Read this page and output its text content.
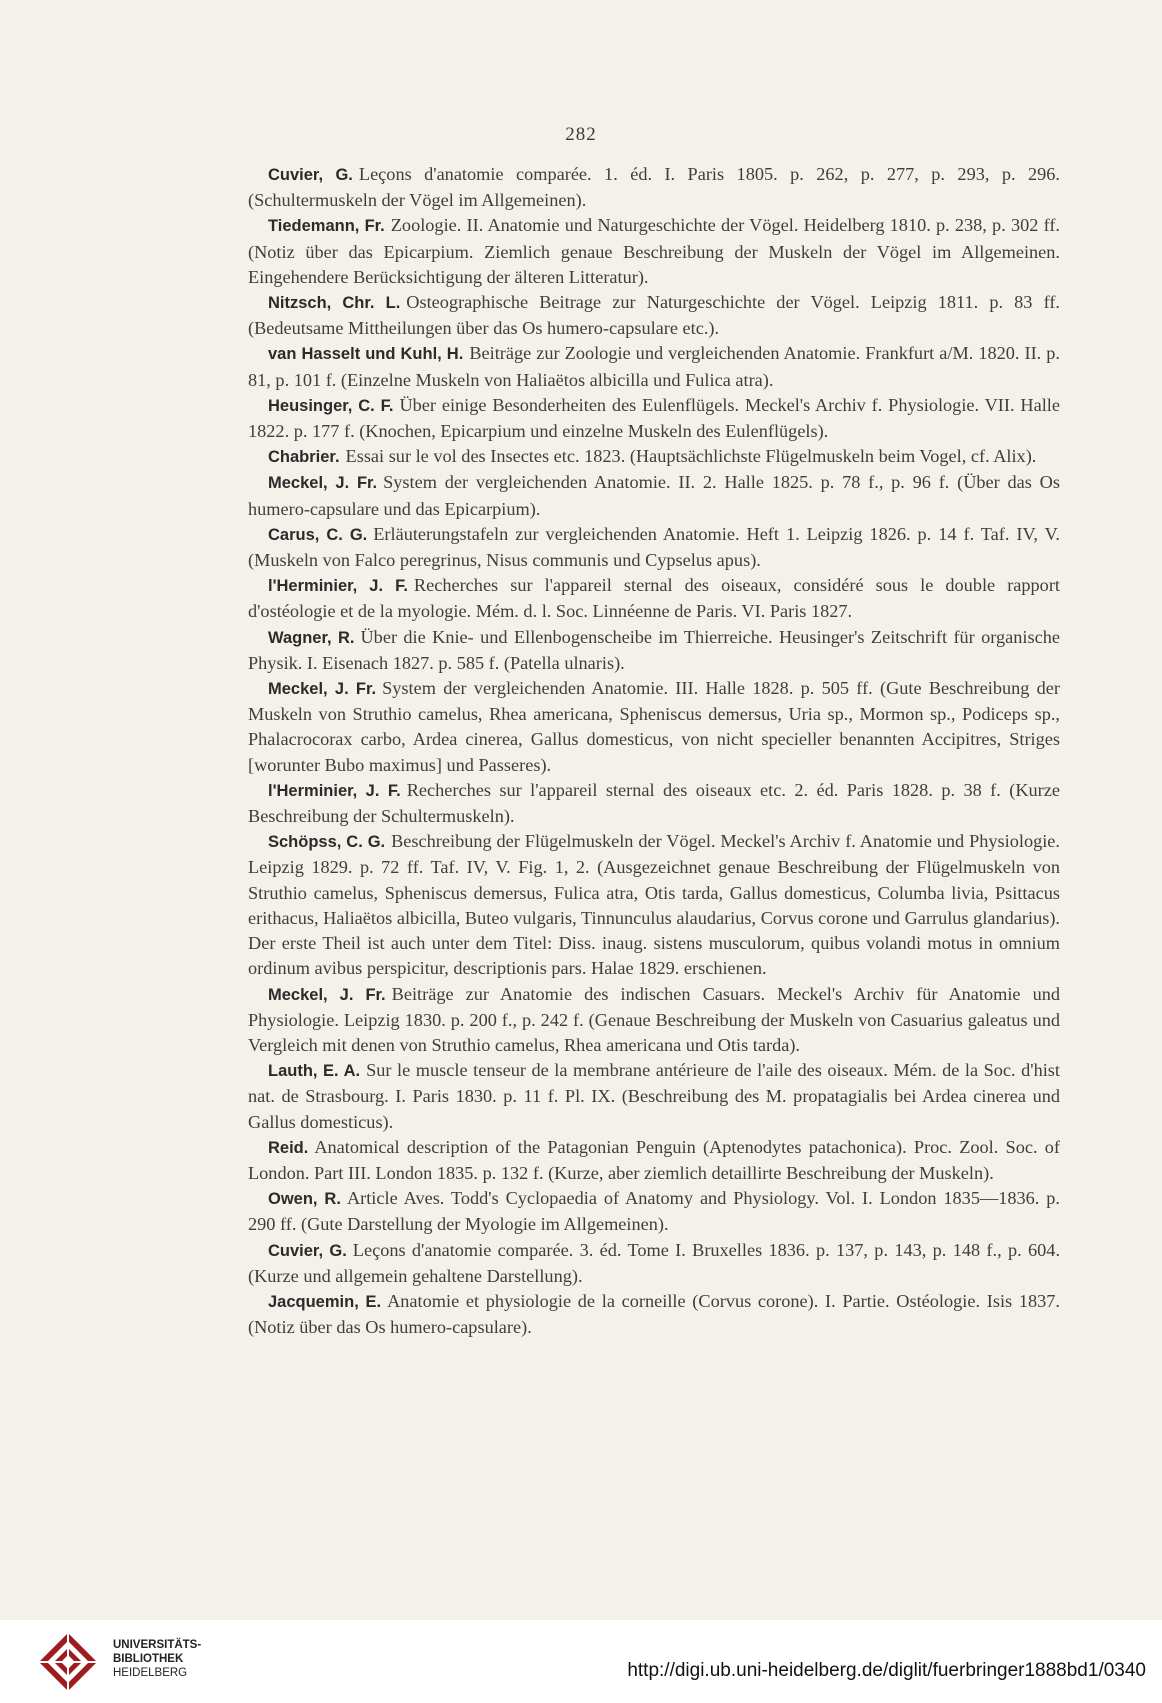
282

Cuvier, G. Leçons d'anatomie comparée. 1. éd. I. Paris 1805. p. 262, p. 277, p. 293, p. 296. (Schultermuskeln der Vögel im Allgemeinen).

Tiedemann, Fr. Zoologie. II. Anatomie und Naturgeschichte der Vögel. Heidelberg 1810. p. 238, p. 302 ff. (Notiz über das Epicarpium. Ziemlich genaue Beschreibung der Muskeln der Vögel im Allgemeinen. Eingehendere Berücksichtigung der älteren Litteratur).

Nitzsch, Chr. L. Osteographische Beitrage zur Naturgeschichte der Vögel. Leipzig 1811. p. 83 ff. (Bedeutsame Mittheilungen über das Os humero-capsulare etc.).

van Hasselt und Kuhl, H. Beiträge zur Zoologie und vergleichenden Anatomie. Frankfurt a/M. 1820. II. p. 81, p. 101 f. (Einzelne Muskeln von Haliaëtos albicilla und Fulica atra).

Heusinger, C. F. Über einige Besonderheiten des Eulenflügels. Meckel's Archiv f. Physiologie. VII. Halle 1822. p. 177 f. (Knochen, Epicarpium und einzelne Muskeln des Eulenflügels).

Chabrier. Essai sur le vol des Insectes etc. 1823. (Hauptsächlichste Flügelmuskeln beim Vogel, cf. Alix).

Meckel, J. Fr. System der vergleichenden Anatomie. II. 2. Halle 1825. p. 78 f., p. 96 f. (Über das Os humero-capsulare und das Epicarpium).

Carus, C. G. Erläuterungstafeln zur vergleichenden Anatomie. Heft 1. Leipzig 1826. p. 14 f. Taf. IV, V. (Muskeln von Falco peregrinus, Nisus communis und Cypselus apus).

l'Herminier, J. F. Recherches sur l'appareil sternal des oiseaux, considéré sous le double rapport d'ostéologie et de la myologie. Mém. d. l. Soc. Linnéenne de Paris. VI. Paris 1827.

Wagner, R. Über die Knie- und Ellenbogenscheibe im Thierreiche. Heusinger's Zeitschrift für organische Physik. I. Eisenach 1827. p. 585 f. (Patella ulnaris).

Meckel, J. Fr. System der vergleichenden Anatomie. III. Halle 1828. p. 505 ff. (Gute Beschreibung der Muskeln von Struthio camelus, Rhea americana, Spheniscus demersus, Uria sp., Mormon sp., Podiceps sp., Phalacrocorax carbo, Ardea cinerea, Gallus domesticus, von nicht specieller benannten Accipitres, Striges [worunter Bubo maximus] und Passeres).

l'Herminier, J. F. Recherches sur l'appareil sternal des oiseaux etc. 2. éd. Paris 1828. p. 38 f. (Kurze Beschreibung der Schultermuskeln).

Schöpss, C. G. Beschreibung der Flügelmuskeln der Vögel. Meckel's Archiv f. Anatomie und Physiologie. Leipzig 1829. p. 72 ff. Taf. IV, V. Fig. 1, 2. (Ausgezeichnet genaue Beschreibung der Flügelmuskeln von Struthio camelus, Spheniscus demersus, Fulica atra, Otis tarda, Gallus domesticus, Columba livia, Psittacus erithacus, Haliaëtos albicilla, Buteo vulgaris, Tinnunculus alaudarius, Corvus corone und Garrulus glandarius). Der erste Theil ist auch unter dem Titel: Diss. inaug. sistens musculorum, quibus volandi motus in omnium ordinum avibus perspicitur, descriptionis pars. Halae 1829. erschienen.

Meckel, J. Fr. Beiträge zur Anatomie des indischen Casuars. Meckel's Archiv für Anatomie und Physiologie. Leipzig 1830. p. 200 f., p. 242 f. (Genaue Beschreibung der Muskeln von Casuarius galeatus und Vergleich mit denen von Struthio camelus, Rhea americana und Otis tarda).

Lauth, E. A. Sur le muscle tenseur de la membrane antérieure de l'aile des oiseaux. Mém. de la Soc. d'hist nat. de Strasbourg. I. Paris 1830. p. 11 f. Pl. IX. (Beschreibung des M. propatagialis bei Ardea cinerea und Gallus domesticus).

Reid. Anatomical description of the Patagonian Penguin (Aptenodytes patachonica). Proc. Zool. Soc. of London. Part III. London 1835. p. 132 f. (Kurze, aber ziemlich detaillirte Beschreibung der Muskeln).

Owen, R. Article Aves. Todd's Cyclopaedia of Anatomy and Physiology. Vol. I. London 1835—1836. p. 290 ff. (Gute Darstellung der Myologie im Allgemeinen).

Cuvier, G. Leçons d'anatomie comparée. 3. éd. Tome I. Bruxelles 1836. p. 137, p. 143, p. 148 f., p. 604. (Kurze und allgemein gehaltene Darstellung).

Jacquemin, E. Anatomie et physiologie de la corneille (Corvus corone). I. Partie. Ostéologie. Isis 1837. (Notiz über das Os humero-capsulare).

UNIVERSITÄTS-
BIBLIOTHEK
HEIDELBERG	http://digi.ub.uni-heidelberg.de/diglit/fuerbringer1888bd1/0340
